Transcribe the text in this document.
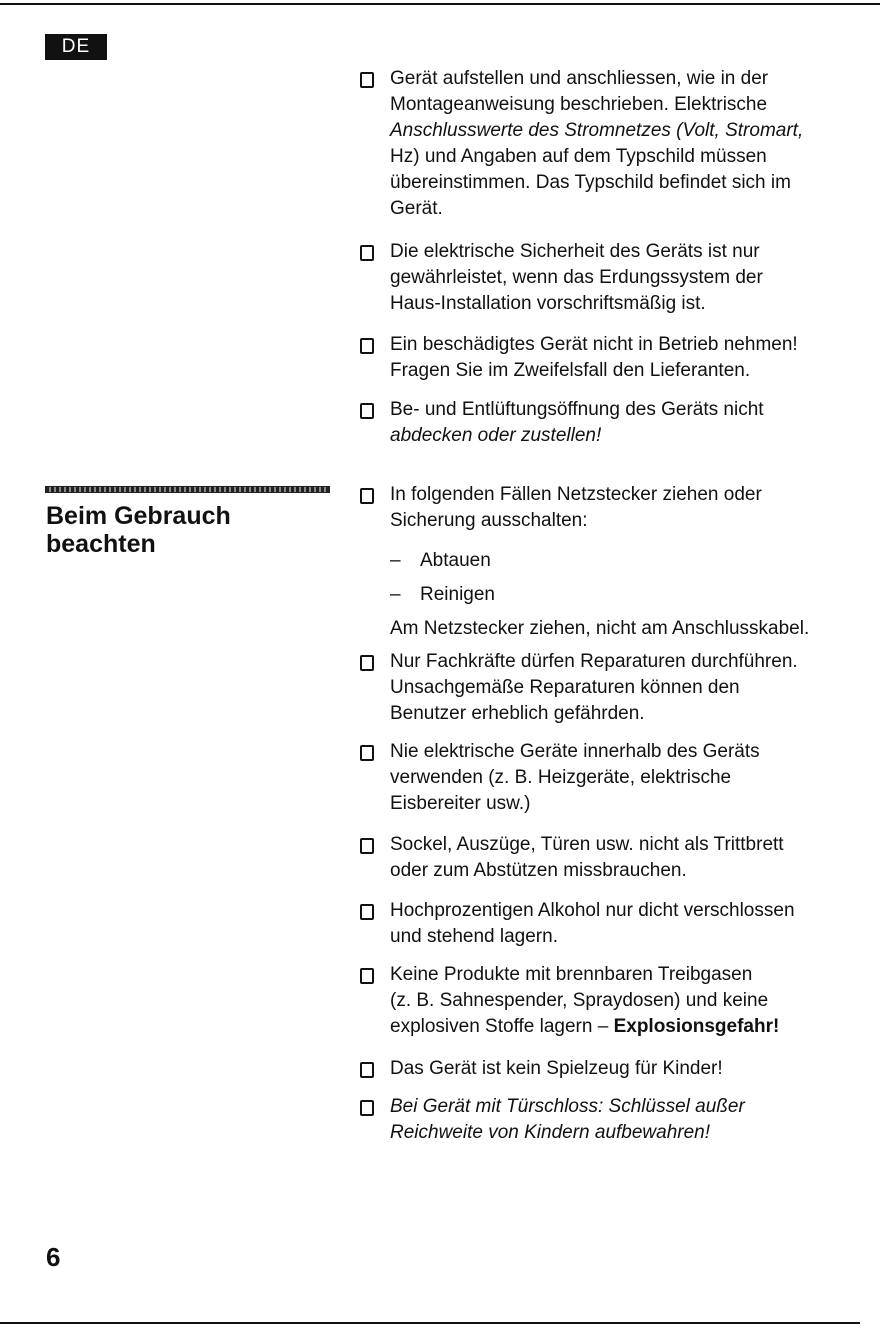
DE
Beim Gebrauch
beachten
Gerät aufstellen und anschliessen, wie in der
Montageanweisung beschrieben. Elektrische
Anschlusswerte des Stromnetzes (Volt, Stromart,
Hz) und Angaben auf dem Typschild müssen
übereinstimmen. Das Typschild befindet sich im
Gerät.
Die elektrische Sicherheit des Geräts ist nur
gewährleistet, wenn das Erdungssystem der
Haus-Installation vorschriftsmäßig ist.
Ein beschädigtes Gerät nicht in Betrieb nehmen!
Fragen Sie im Zweifelsfall den Lieferanten.
Be- und Entlüftungsöffnung des Geräts nicht
abdecken oder zustellen!
In folgenden Fällen Netzstecker ziehen oder
Sicherung ausschalten:
– Abtauen
– Reinigen
Am Netzstecker ziehen, nicht am Anschlusskabel.
Nur Fachkräfte dürfen Reparaturen durchführen.
Unsachgemäße Reparaturen können den
Benutzer erheblich gefährden.
Nie elektrische Geräte innerhalb des Geräts
verwenden (z. B. Heizgeräte, elektrische
Eisbereiter usw.)
Sockel, Auszüge, Türen usw. nicht als Trittbrett
oder zum Abstützen missbrauchen.
Hochprozentigen Alkohol nur dicht verschlossen
und stehend lagern.
Keine Produkte mit brennbaren Treibgasen
(z. B. Sahnespender, Spraydosen) und keine
explosiven Stoffe lagern – Explosionsgefahr!
Das Gerät ist kein Spielzeug für Kinder!
Bei Gerät mit Türschloss: Schlüssel außer
Reichweite von Kindern aufbewahren!
6
